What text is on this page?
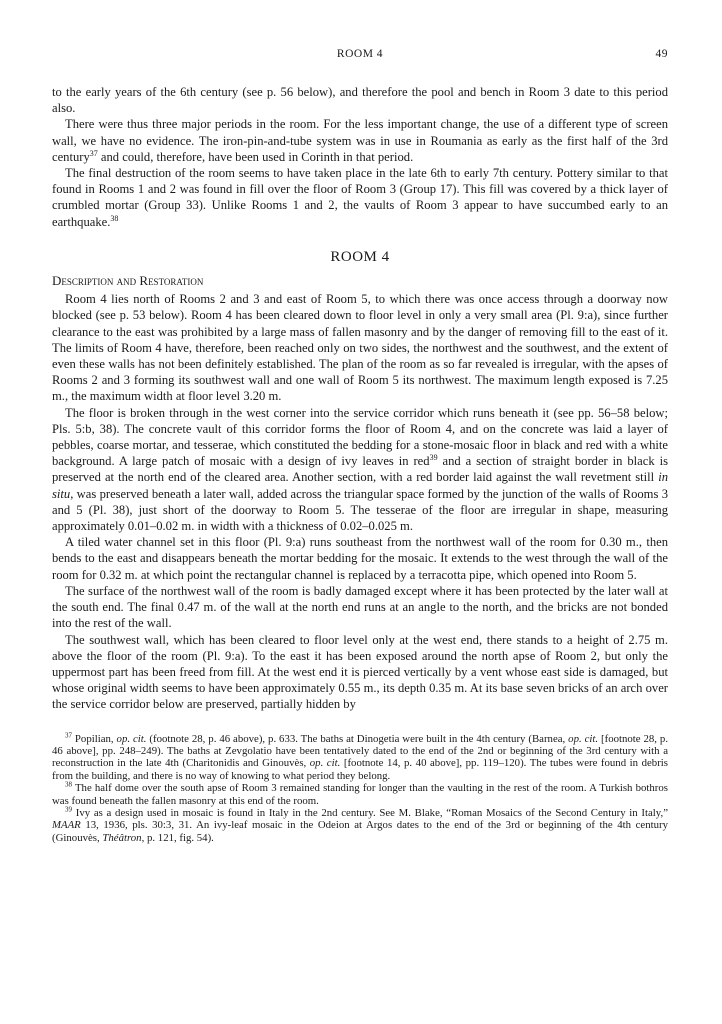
ROOM 4	49

to the early years of the 6th century (see p. 56 below), and therefore the pool and bench in Room 3 date to this period also.

There were thus three major periods in the room. For the less important change, the use of a different type of screen wall, we have no evidence. The iron-pin-and-tube system was in use in Roumania as early as the first half of the 3rd century$^{37}$ and could, therefore, have been used in Corinth in that period.

The final destruction of the room seems to have taken place in the late 6th to early 7th century. Pottery similar to that found in Rooms 1 and 2 was found in fill over the floor of Room 3 (Group 17). This fill was covered by a thick layer of crumbled mortar (Group 33). Unlike Rooms 1 and 2, the vaults of Room 3 appear to have succumbed early to an earthquake.$^{38}$

ROOM 4
Description and Restoration

Room 4 lies north of Rooms 2 and 3 and east of Room 5, to which there was once access through a doorway now blocked (see p. 53 below). Room 4 has been cleared down to floor level in only a very small area (Pl. 9:a), since further clearance to the east was prohibited by a large mass of fallen masonry and by the danger of removing fill to the east of it. The limits of Room 4 have, therefore, been reached only on two sides, the northwest and the southwest, and the extent of even these walls has not been definitely established. The plan of the room as so far revealed is irregular, with the apses of Rooms 2 and 3 forming its southwest wall and one wall of Room 5 its northwest. The maximum length exposed is 7.25 m., the maximum width at floor level 3.20 m.

The floor is broken through in the west corner into the service corridor which runs beneath it (see pp. 56–58 below; Pls. 5:b, 38). The concrete vault of this corridor forms the floor of Room 4, and on the concrete was laid a layer of pebbles, coarse mortar, and tesserae, which constituted the bedding for a stone-mosaic floor in black and red with a white background. A large patch of mosaic with a design of ivy leaves in red$^{39}$ and a section of straight border in black is preserved at the north end of the cleared area. Another section, with a red border laid against the wall revetment still in situ, was preserved beneath a later wall, added across the triangular space formed by the junction of the walls of Rooms 3 and 5 (Pl. 38), just short of the doorway to Room 5. The tesserae of the floor are irregular in shape, measuring approximately 0.01–0.02 m. in width with a thickness of 0.02–0.025 m.

A tiled water channel set in this floor (Pl. 9:a) runs southeast from the northwest wall of the room for 0.30 m., then bends to the east and disappears beneath the mortar bedding for the mosaic. It extends to the west through the wall of the room for 0.32 m. at which point the rectangular channel is replaced by a terracotta pipe, which opened into Room 5.

The surface of the northwest wall of the room is badly damaged except where it has been protected by the later wall at the south end. The final 0.47 m. of the wall at the north end runs at an angle to the north, and the bricks are not bonded into the rest of the wall.

The southwest wall, which has been cleared to floor level only at the west end, there stands to a height of 2.75 m. above the floor of the room (Pl. 9:a). To the east it has been exposed around the north apse of Room 2, but only the uppermost part has been freed from fill. At the west end it is pierced vertically by a vent whose east side is damaged, but whose original width seems to have been approximately 0.55 m., its depth 0.35 m. At its base seven bricks of an arch over the service corridor below are preserved, partially hidden by

$^{37}$ Popilian, op. cit. (footnote 28, p. 46 above), p. 633. The baths at Dinogetia were built in the 4th century (Barnea, op. cit. [footnote 28, p. 46 above], pp. 248–249). The baths at Zevgolatio have been tentatively dated to the end of the 2nd or beginning of the 3rd century with a reconstruction in the late 4th (Charitonidis and Ginouvès, op. cit. [footnote 14, p. 40 above], pp. 119–120). The tubes were found in debris from the building, and there is no way of knowing to what period they belong.

$^{38}$ The half dome over the south apse of Room 3 remained standing for longer than the vaulting in the rest of the room. A Turkish bothros was found beneath the fallen masonry at this end of the room.

$^{39}$ Ivy as a design used in mosaic is found in Italy in the 2nd century. See M. Blake, “Roman Mosaics of the Second Century in Italy,” MAAR 13, 1936, pls. 30:3, 31. An ivy-leaf mosaic in the Odeion at Argos dates to the end of the 3rd or beginning of the 4th century (Ginouvès, Théâtron, p. 121, fig. 54).
